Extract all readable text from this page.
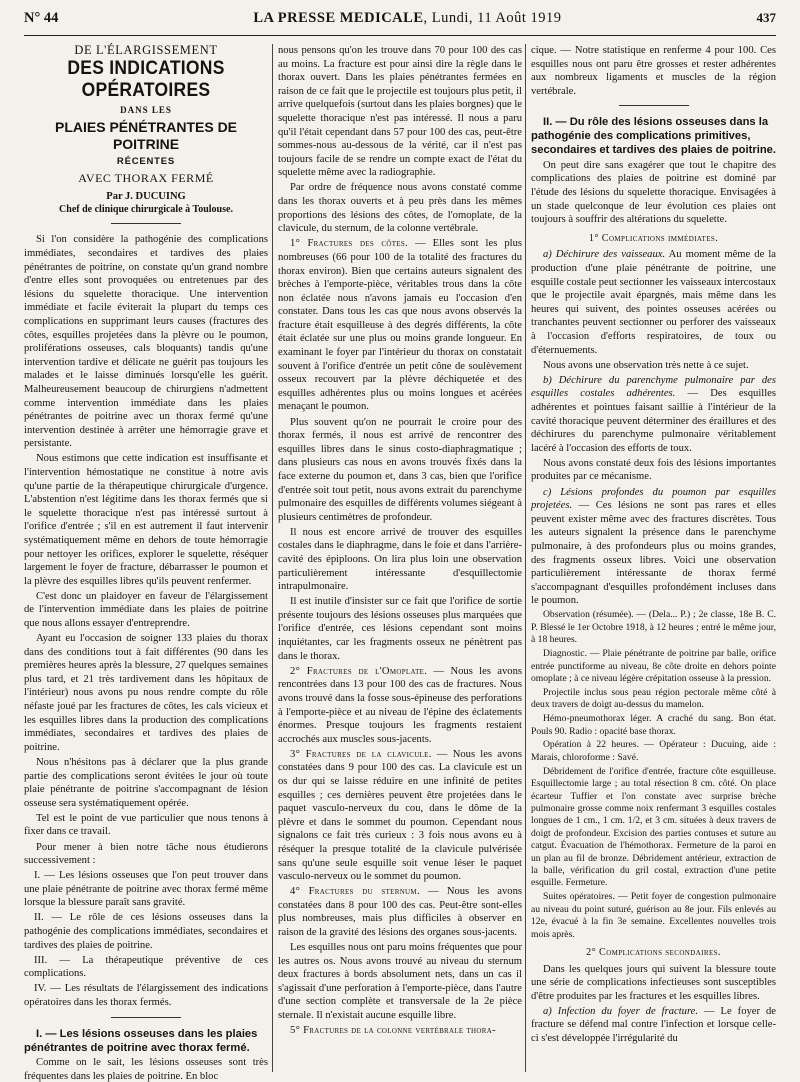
N° 44	LA PRESSE MEDICALE, Lundi, 11 Août 1919	437
DE L'ÉLARGISSEMENT
DES INDICATIONS OPÉRATOIRES
DANS LES
PLAIES PÉNÉTRANTES DE POITRINE
RÉCENTES
AVEC THORAX FERMÉ
Par J. DUCUING
Chef de clinique chirurgicale à Toulouse.

Si l'on considère la pathogénie des complications immédiates, secondaires et tardives des plaies pénétrantes de poitrine, on constate qu'un grand nombre d'entre elles sont provoquées ou entretenues par des lésions du squelette thoracique. Une intervention immédiate et facile éviterait la plupart du temps ces complications en supprimant leurs causes (fractures des côtes, esquilles projetées dans la plèvre ou le poumon, proliférations osseuses, cals bloquants) tandis qu'une intervention tardive et délicate ne guérit pas toujours les malades et le laisse diminués lorsqu'elle les guérit. Malheureusement beaucoup de chirurgiens n'admettent comme intervention immédiate dans les plaies pénétrantes de poitrine avec un thorax fermé qu'une intervention destinée à arrêter une hémorragie grave et persistante.

Nous estimons que cette indication est insuffisante et l'intervention hémostatique ne constitue à notre avis qu'une partie de la thérapeutique chirurgicale d'urgence. L'abstention n'est légitime dans les thorax fermés que si le squelette thoracique n'est pas intéressé surtout à l'orifice d'entrée ; s'il en est autrement il faut intervenir systématiquement même en dehors de toute hémorragie pour nettoyer les orifices, explorer le squelette, réséquer largement le foyer de fracture, débarrasser le poumon et la plèvre des esquilles libres qu'ils peuvent renfermer.

C'est donc un plaidoyer en faveur de l'élargissement de l'intervention immédiate dans les plaies de poitrine que nous allons essayer d'entreprendre.

Ayant eu l'occasion de soigner 133 plaies du thorax dans des conditions tout à fait différentes (90 dans les premières heures après la blessure, 27 quelques semaines plus tard, et 21 très tardivement dans les hôpitaux de l'intérieur) nous avons pu nous rendre compte du rôle néfaste joué par les fractures de côtes, les cals vicieux et les esquilles libres dans la production des complications immédiates, secondaires et tardives des plaies de poitrine.

Nous n'hésitons pas à déclarer que la plus grande partie des complications seront évitées le jour où toute plaie pénétrante de poitrine s'accompagnant de lésion osseuse sera systématiquement opérée.

Tel est le point de vue particulier que nous tenons à fixer dans ce travail.

Pour mener à bien notre tâche nous étudierons successivement :

I. — Les lésions osseuses que l'on peut trouver dans une plaie pénétrante de poitrine avec thorax fermé même lorsque la blessure paraît sans gravité.

II. — Le rôle de ces lésions osseuses dans la pathogénie des complications immédiates, secondaires et tardives des plaies de poitrine.

III. — La thérapeutique préventive de ces complications.

IV. — Les résultats de l'élargissement des indications opératoires dans les thorax fermés.

I. — Les lésions osseuses dans les plaies pénétrantes de poitrine avec thorax fermé.

Comme on le sait, les lésions osseuses sont très fréquentes dans les plaies de poitrine. En bloc

nous pensons qu'on les trouve dans 70 pour 100 des cas au moins. La fracture est pour ainsi dire la règle dans le thorax ouvert. Dans les plaies pénétrantes fermées en raison de ce fait que le projectile est toujours plus petit, il arrive quelquefois (surtout dans les plaies borgnes) que le squelette thoracique n'est pas intéressé. Il nous a paru qu'il l'était cependant dans 57 pour 100 des cas, peut-être sommes-nous au-dessous de la vérité, car il n'est pas toujours facile de se rendre un compte exact de l'état du squelette même avec la radiographie.

Par ordre de fréquence nous avons constaté comme dans les thorax ouverts et à peu près dans les mêmes proportions des lésions des côtes, de l'omoplate, de la clavicule, du sternum, de la colonne vertébrale.

1° Fractures des côtes. — Elles sont les plus nombreuses (66 pour 100 de la totalité des fractures du thorax environ). Bien que certains auteurs signalent des brèches à l'emporte-pièce, véritables trous dans la côte non éclatée nous n'avons jamais eu l'occasion d'en constater. Dans tous les cas que nous avons observés la fracture était esquilleuse à des degrés différents, la côte était éclatée sur une plus ou moins grande longueur. En examinant le foyer par l'intérieur du thorax on constatait souvent à l'orifice d'entrée un petit cône de soulèvement osseux recouvert par la plèvre déchiquetée et des esquilles adhérentes plus ou moins longues et acérées menaçant le poumon.

Plus souvent qu'on ne pourrait le croire pour des thorax fermés, il nous est arrivé de rencontrer des esquilles libres dans le sinus costo-diaphragmatique ; dans plusieurs cas nous en avons trouvés fixés dans la face externe du poumon et, dans 3 cas, bien que l'orifice d'entrée soit tout petit, nous avons extrait du parenchyme pulmonaire des esquilles de différents volumes siégeant à plusieurs centimètres de profondeur.

Il nous est encore arrivé de trouver des esquilles costales dans le diaphragme, dans le foie et dans l'arrière-cavité des épiploons. On lira plus loin une observation particulièrement intéressante d'esquillectomie intrapulmonaire.

Il est inutile d'insister sur ce fait que l'orifice de sortie présente toujours des lésions osseuses plus marquées que l'orifice d'entrée, ces lésions cependant sont moins inquiétantes, car les fragments osseux ne pénètrent pas dans le thorax.

2° Fractures de l'Omoplate. — Nous les avons rencontrées dans 13 pour 100 des cas de fractures. Nous avons trouvé dans la fosse sous-épineuse des perforations à l'emporte-pièce et au niveau de l'épine des éclatements énormes. Presque toujours les fragments restaient accrochés aux muscles sous-jacents.

3° Fractures de la clavicule. — Nous les avons constatées dans 9 pour 100 des cas. La clavicule est un os dur qui se laisse réduire en une infinité de petites esquilles ; ces dernières peuvent être projetées dans le paquet vasculo-nerveux du cou, dans le dôme de la plèvre et dans le sommet du poumon. Cependant nous signalons ce fait très curieux : 3 fois nous avons eu à réséquer la presque totalité de la clavicule pulvérisée sans qu'une seule esquille soit venue léser le paquet vasculo-nerveux ou le sommet du poumon.

4° Fractures du sternum. — Nous les avons constatées dans 8 pour 100 des cas. Peut-être sont-elles plus nombreuses, mais plus difficiles à observer en raison de la gravité des lésions des organes sous-jacents.

Les esquilles nous ont paru moins fréquentes que pour les autres os. Nous avons trouvé au niveau du sternum deux fractures à bords absolument nets, dans un cas il s'agissait d'une perforation à l'emporte-pièce, dans l'autre d'une section complète et transversale de la 2e pièce sternale. Il n'existait aucune esquille libre.

5° Fractures de la colonne vertébrale thora-

cique. — Notre statistique en renferme 4 pour 100. Ces esquilles nous ont paru être grosses et rester adhérentes aux nombreux ligaments et muscles de la région vertébrale.

II. — Du rôle des lésions osseuses dans la pathogénie des complications primitives, secondaires et tardives des plaies de poitrine.

On peut dire sans exagérer que tout le chapitre des complications des plaies de poitrine est dominé par l'étude des lésions du squelette thoracique. Envisagées à un stade quelconque de leur évolution ces plaies ont toujours à souffrir des altérations du squelette.

1° Complications immédiates.

a) Déchirure des vaisseaux. Au moment même de la production d'une plaie pénétrante de poitrine, une esquille costale peut sectionner les vaisseaux intercostaux que le projectile avait épargnés, mais même dans les heures qui suivent, des pointes osseuses acérées ou tranchantes peuvent sectionner ou perforer des vaisseaux à l'occasion d'efforts respiratoires, de toux ou d'éternuements.

Nous avons une observation très nette à ce sujet.

b) Déchirure du parenchyme pulmonaire par des esquilles costales adhérentes. — Des esquilles adhérentes et pointues faisant saillie à l'intérieur de la cavité thoracique peuvent déterminer des éraillures et des déchirures du parenchyme pulmonaire véritablement lacéré à l'occasion des efforts de toux.

Nous avons constaté deux fois des lésions importantes produites par ce mécanisme.

c) Lésions profondes du poumon par esquilles projetées. — Ces lésions ne sont pas rares et elles peuvent exister même avec des fractures discrètes. Tous les auteurs signalent la présence dans le parenchyme pulmonaire, à des profondeurs plus ou moins grandes, des fragments osseux libres. Voici une observation particulièrement intéressante de thorax fermé s'accompagnant d'esquilles profondément incluses dans le poumon.

Observation (résumée). — (Dela... P.) ; 2e classe, 18e B. C. P. Blessé le 1er Octobre 1918, à 12 heures ; entré le même jour, à 18 heures.

Diagnostic. — Plaie pénétrante de poitrine par balle, orifice entrée punctiforme au niveau, 8e côte droite en dehors pointe omoplate ; à ce niveau légère crépitation osseuse à la pression.

Projectile inclus sous peau région pectorale même côté à deux travers de doigt au-dessus du mamelon.

Hémo-pneumothorax léger. A craché du sang. Bon état. Pouls 90. Radio : opacité base thorax.

Opération à 22 heures. — Opérateur : Ducuing, aide : Marais, chloroforme : Savé.

Débridement de l'orifice d'entrée, fracture côte esquilleuse. Esquillectomie large ; au total résection 8 cm. côté. On place écarteur Tuffier et l'on constate avec surprise brèche pulmonaire grosse comme noix renfermant 3 esquilles costales longues de 1 cm., 1 cm. 1/2, et 3 cm. situées à deux travers de doigt de profondeur. Excision des parties contuses et suture au catgut. Évacuation de l'hémothorax. Fermeture de la paroi en un plan au fil de bronze. Débridement antérieur, extraction de la balle, vérification du gril costal, extraction d'une petite esquille. Fermeture.

Suites opératoires. — Petit foyer de congestion pulmonaire au niveau du point suturé, guérison au 8e jour. Fils enlevés au 12e, évacué à la fin 3e semaine. Excellentes nouvelles trois mois après.

2° Complications secondaires.

Dans les quelques jours qui suivent la blessure toute une série de complications infectieuses sont susceptibles d'être produites par les fractures et les esquilles libres.

a) Infection du foyer de fracture. — Le foyer de fracture se défend mal contre l'infection et lorsque celle-ci s'est développée l'irrégularité du
